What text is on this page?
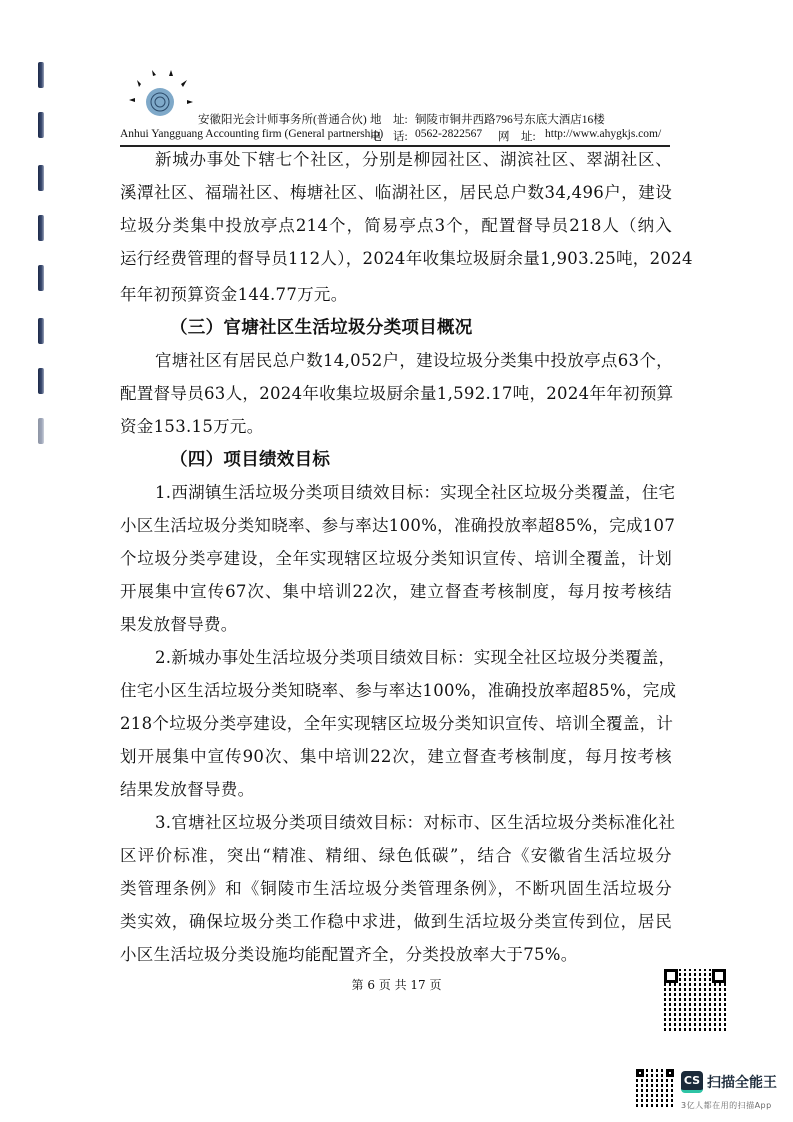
安徽阳光会计师事务所(普通合伙) 地　址: 铜陵市铜井西路796号东底大酒店16楼
Anhui Yangguang Accounting firm (General partnership)
电　话: 0562-2822567 网　址: http://www.ahygkjs.com/
新城办事处下辖七个社区，分别是柳园社区、湖滨社区、翠湖社区、
溪潭社区、福瑞社区、梅塘社区、临湖社区，居民总户数34,496户，建设
垃圾分类集中投放亭点214个，简易亭点3个，配置督导员218人（纳入
运行经费管理的督导员112人），2024年收集垃圾厨余量1,903.25吨，2024
年年初预算资金144.77万元。
（三）官塘社区生活垃圾分类项目概况
官塘社区有居民总户数14,052户，建设垃圾分类集中投放亭点63个，
配置督导员63人，2024年收集垃圾厨余量1,592.17吨，2024年年初预算
资金153.15万元。
（四）项目绩效目标
1.西湖镇生活垃圾分类项目绩效目标：实现全社区垃圾分类覆盖，住宅
小区生活垃圾分类知晓率、参与率达100%，准确投放率超85%，完成107
个垃圾分类亭建设，全年实现辖区垃圾分类知识宣传、培训全覆盖，计划
开展集中宣传67次、集中培训22次，建立督查考核制度，每月按考核结
果发放督导费。
2.新城办事处生活垃圾分类项目绩效目标：实现全社区垃圾分类覆盖，
住宅小区生活垃圾分类知晓率、参与率达100%，准确投放率超85%，完成
218个垃圾分类亭建设，全年实现辖区垃圾分类知识宣传、培训全覆盖，计
划开展集中宣传90次、集中培训22次，建立督查考核制度，每月按考核
结果发放督导费。
3.官塘社区垃圾分类项目绩效目标：对标市、区生活垃圾分类标准化社
区评价标准，突出“精准、精细、绿色低碳”，结合《安徽省生活垃圾分
类管理条例》和《铜陵市生活垃圾分类管理条例》，不断巩固生活垃圾分
类实效，确保垃圾分类工作稳中求进，做到生活垃圾分类宣传到位，居民
小区生活垃圾分类设施均能配置齐全，分类投放率大于75%。
第 6 页 共 17 页
CS 扫描全能王
3亿人都在用的扫描App
